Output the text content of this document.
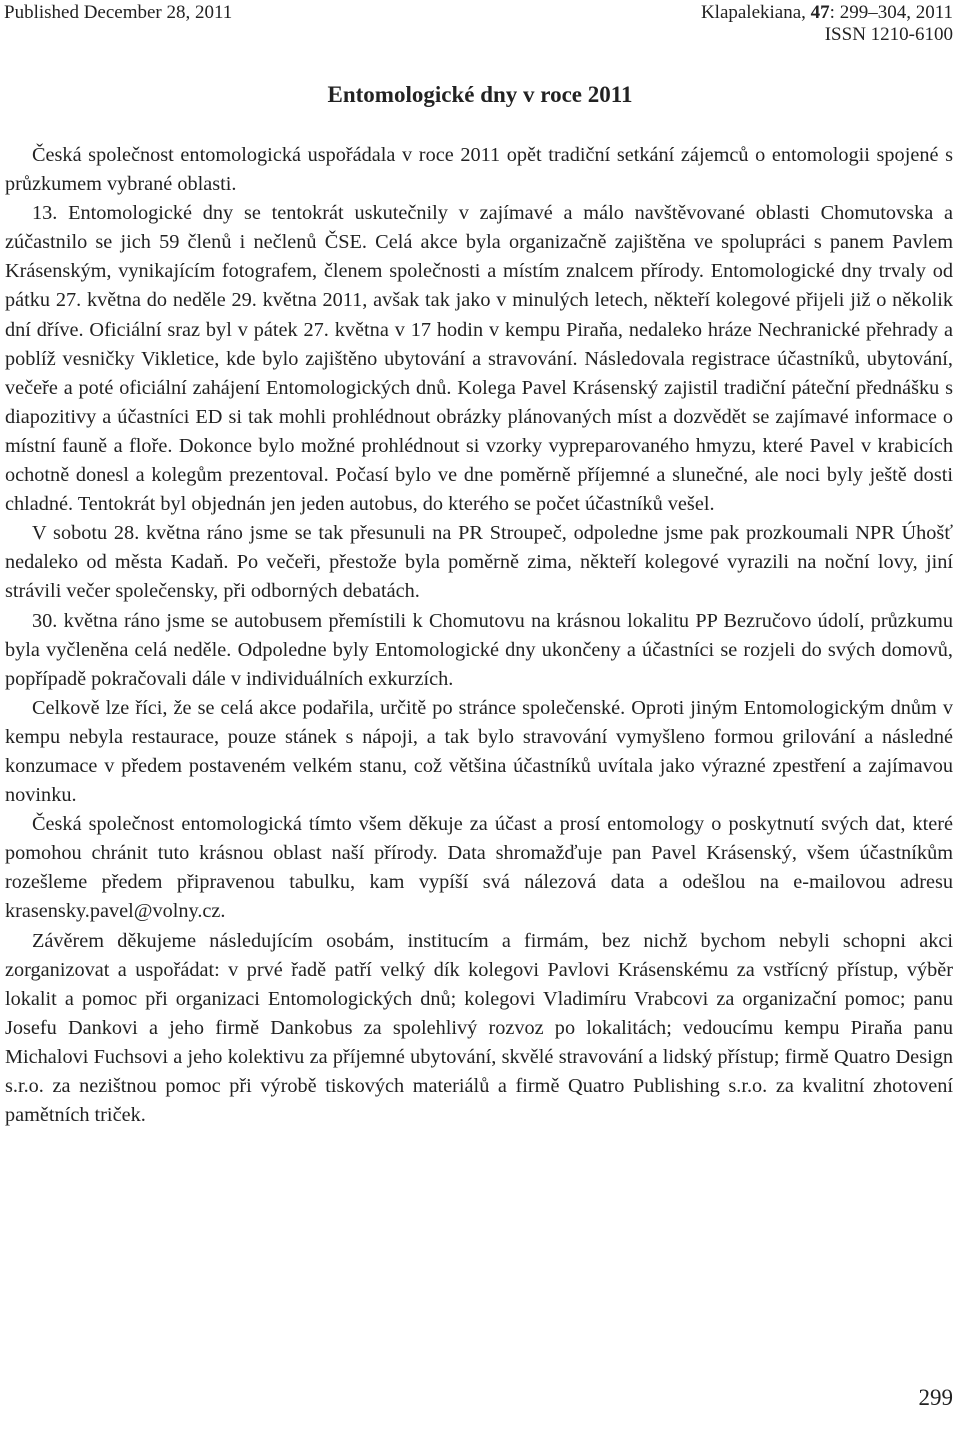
Published December 28, 2011	Klapalekiana, 47: 299–304, 2011
ISSN 1210-6100
Entomologické dny v roce 2011

Česká společnost entomologická uspořádala v roce 2011 opět tradiční setkání zájemců o entomologii spojené s průzkumem vybrané oblasti.

13. Entomologické dny se tentokrát uskutečnily v zajímavé a málo navštěvované oblasti Chomutovska a zúčastnilo se jich 59 členů i nečlenů ČSE. Celá akce byla organizačně zajištěna ve spolupráci s panem Pavlem Krásenským, vynikajícím fotografem, členem společnosti a místím znalcem přírody. Entomologické dny trvaly od pátku 27. května do neděle 29. května 2011, avšak tak jako v minulých letech, někteří kolegové přijeli již o několik dní dříve. Oficiální sraz byl v pátek 27. května v 17 hodin v kempu Piraňa, nedaleko hráze Nechranické přehrady a poblíž vesničky Vikletice, kde bylo zajištěno ubytování a stravování. Následovala registrace účastníků, ubytování, večeře a poté oficiální zahájení Entomologických dnů. Kolega Pavel Krásenský zajistil tradiční páteční přednášku s diapozitivy a účastníci ED si tak mohli prohlédnout obrázky plánovaných míst a dozvědět se zajímavé informace o místní fauně a floře. Dokonce bylo možné prohlédnout si vzorky vypreparovaného hmyzu, které Pavel v krabicích ochotně donesl a kolegům prezentoval. Počasí bylo ve dne poměrně příjemné a slunečné, ale noci byly ještě dosti chladné. Tentokrát byl objednán jen jeden autobus, do kterého se počet účastníků vešel.

V sobotu 28. května ráno jsme se tak přesunuli na PR Stroupeč, odpoledne jsme pak prozkoumali NPR Úhošť nedaleko od města Kadaň. Po večeři, přestože byla poměrně zima, někteří kolegové vyrazili na noční lovy, jiní strávili večer společensky, při odborných debatách.

30. května ráno jsme se autobusem přemístili k Chomutovu na krásnou lokalitu PP Bezručovo údolí, průzkumu byla vyčleněna celá neděle. Odpoledne byly Entomologické dny ukončeny a účastníci se rozjeli do svých domovů, popřípadě pokračovali dále v individuálních exkurzích.

Celkově lze říci, že se celá akce podařila, určitě po stránce společenské. Oproti jiným Entomologickým dnům v kempu nebyla restaurace, pouze stánek s nápoji, a tak bylo stravování vymyšleno formou grilování a následné konzumace v předem postaveném velkém stanu, což většina účastníků uvítala jako výrazné zpestření a zajímavou novinku.

Česká společnost entomologická tímto všem děkuje za účast a prosí entomology o poskytnutí svých dat, které pomohou chránit tuto krásnou oblast naší přírody. Data shromažďuje pan Pavel Krásenský, všem účastníkům rozešleme předem připravenou tabulku, kam vypíší svá nálezová data a odešlou na e-mailovou adresu krasensky.pavel@volny.cz.

Závěrem děkujeme následujícím osobám, institucím a firmám, bez nichž bychom nebyli schopni akci zorganizovat a uspořádat: v prvé řadě patří velký dík kolegovi Pavlovi Krásenskému za vstřícný přístup, výběr lokalit a pomoc při organizaci Entomologických dnů; kolegovi Vladimíru Vrabcovi za organizační pomoc; panu Josefu Dankovi a jeho firmě Dankobus za spolehlivý rozvoz po lokalitách; vedoucímu kempu Piraňa panu Michalovi Fuchsovi a jeho kolektivu za příjemné ubytování, skvělé stravování a lidský přístup; firmě Quatro Design s.r.o. za nezištnou pomoc při výrobě tiskových materiálů a firmě Quatro Publishing s.r.o. za kvalitní zhotovení pamětních triček.

299
